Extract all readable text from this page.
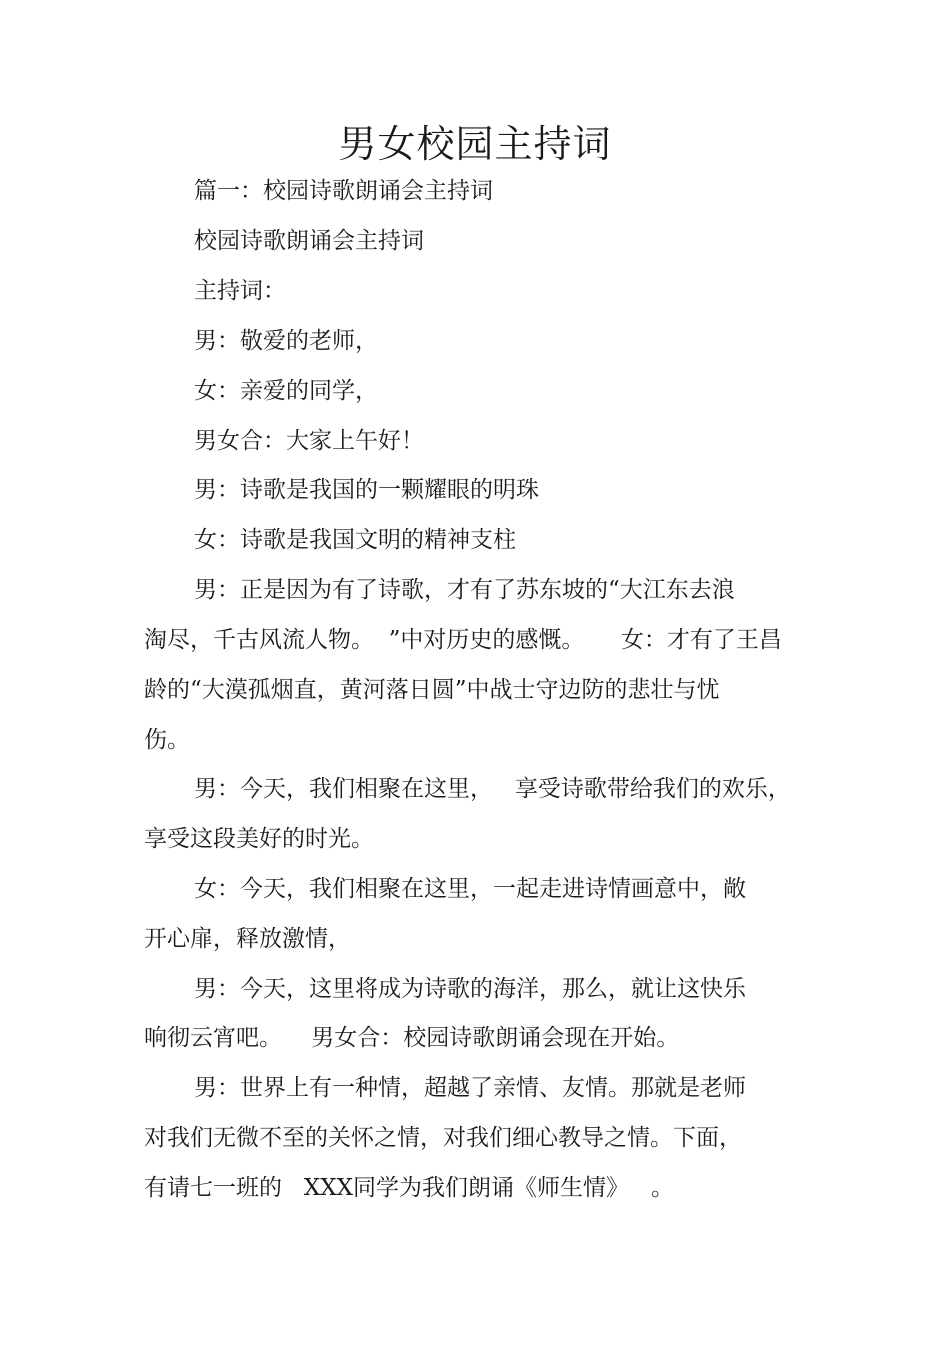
男女校园主持词

篇一：校园诗歌朗诵会主持词

校园诗歌朗诵会主持词

主持词：

男：敬爱的老师，

女：亲爱的同学，

男女合：大家上午好！

男：诗歌是我国的一颗耀眼的明珠

女：诗歌是我国文明的精神支柱

男：正是因为有了诗歌，才有了苏东坡的“大江东去浪

淘尽，千古风流人物。  ”中对历史的感慨。     女：才有了王昌

龄的“大漠孤烟直，黄河落日圆”中战士守边防的悲壮与忧

伤。

男：今天，我们相聚在这里，   享受诗歌带给我们的欢乐，

享受这段美好的时光。

女：今天，我们相聚在这里，一起走进诗情画意中，敞

开心扉，释放激情，

男：今天，这里将成为诗歌的海洋，那么，就让这快乐

响彻云宵吧。    男女合：校园诗歌朗诵会现在开始。

男：世界上有一种情，超越了亲情、友情。那就是老师

对我们无微不至的关怀之情，对我们细心教导之情。下面，

有请七一班的   XXX同学为我们朗诵《师生情》   。
